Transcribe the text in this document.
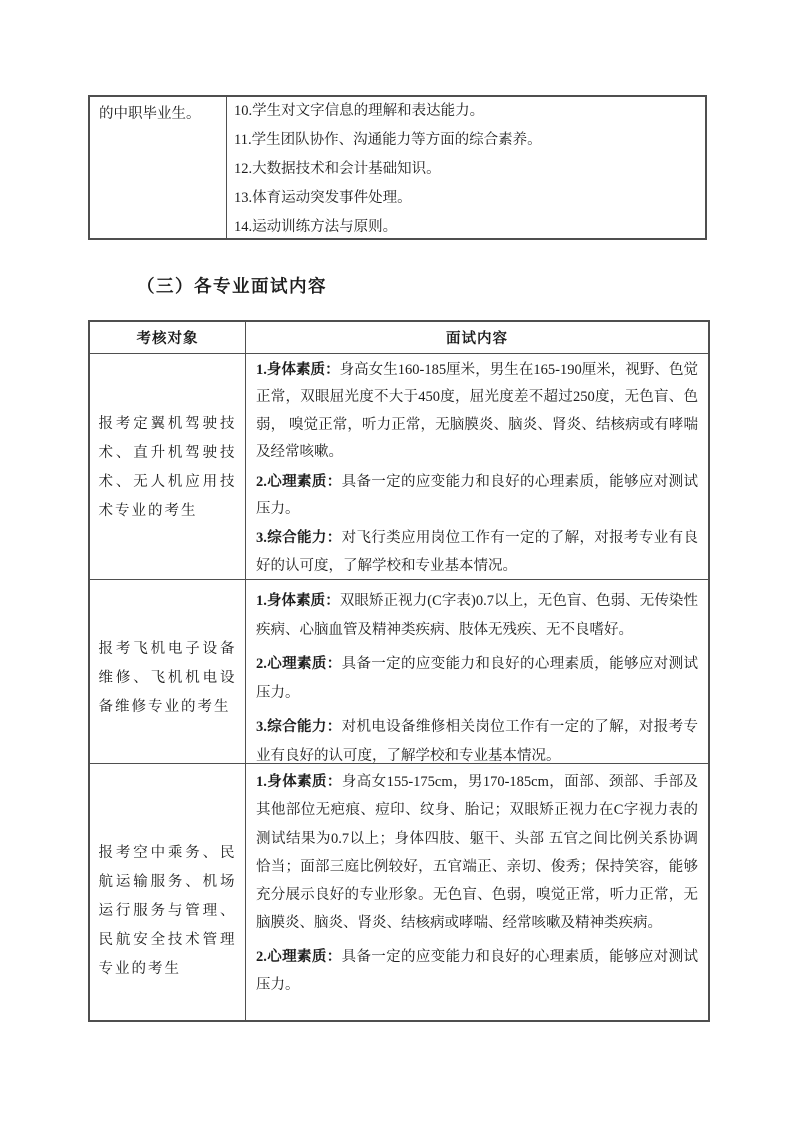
的中职毕业生。	10.学生对文字信息的理解和表达能力。

11.学生团队协作、沟通能力等方面的综合素养。

12.大数据技术和会计基础知识。

13.体育运动突发事件处理。

14.运动训练方法与原则。

（三）各专业面试内容
考核对象	面试内容
报考定翼机驾驶技术、直升机驾驶技术、无人机应用技术专业的考生

1.身体素质：身高女生160-185厘米，男生在165-190厘米，视野、色觉正常，双眼屈光度不大于450度，屈光度差不超过250度，无色盲、色弱， 嗅觉正常，听力正常，无脑膜炎、脑炎、肾炎、结核病或有哮喘及经常咳嗽。

2.心理素质：具备一定的应变能力和良好的心理素质，能够应对测试压力。

3.综合能力：对飞行类应用岗位工作有一定的了解，对报考专业有良好的认可度，了解学校和专业基本情况。

报考飞机电子设备维修、飞机机电设备维修专业的考生

1.身体素质：双眼矫正视力(C字表)0.7以上，无色盲、色弱、无传染性疾病、心脑血管及精神类疾病、肢体无残疾、无不良嗜好。

2.心理素质：具备一定的应变能力和良好的心理素质，能够应对测试压力。

3.综合能力：对机电设备维修相关岗位工作有一定的了解，对报考专业有良好的认可度，了解学校和专业基本情况。

报考空中乘务、民航运输服务、机场运行服务与管理、民航安全技术管理专业的考生

1.身体素质：身高女155-175cm，男170-185cm，面部、颈部、手部及其他部位无疤痕、痘印、纹身、胎记；双眼矫正视力在C字视力表的测试结果为0.7以上；身体四肢、躯干、头部 五官之间比例关系协调恰当；面部三庭比例较好，五官端正、亲切、俊秀；保持笑容，能够充分展示良好的专业形象。无色盲、色弱，嗅觉正常，听力正常，无脑膜炎、脑炎、肾炎、结核病或哮喘、经常咳嗽及精神类疾病。

2.心理素质：具备一定的应变能力和良好的心理素质，能够应对测试压力。
